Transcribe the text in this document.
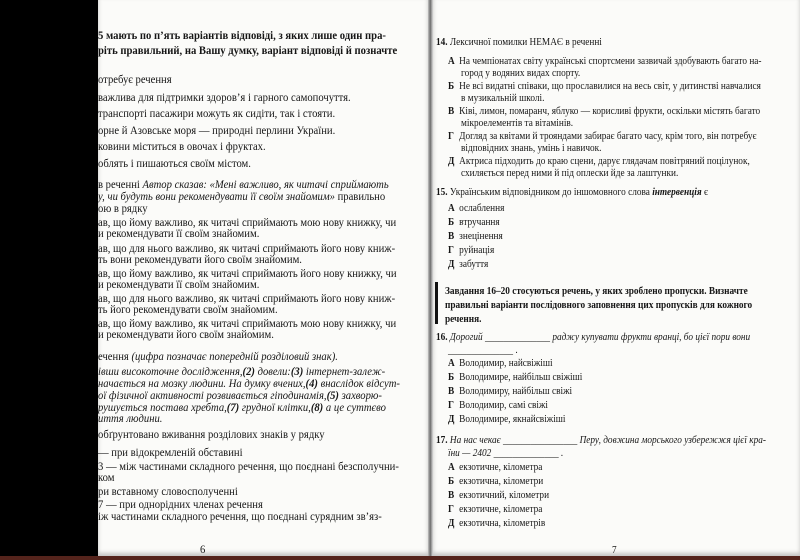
5 мають по п’ять варіантів відповіді, з яких лише один пра-
ріть правильний, на Вашу думку, варіант відповіді й позначте
отребує речення
важлива для підтримки здоров’я і гарного самопочуття.
транспорті пасажири можуть як сидіти, так і стояти.
орне й Азовське моря — природні перлини України.
ковини міститься в овочах і фруктах.
облять і пишаються своїм містом.
в реченні Автор сказав: «Мені важливо, як читачі сприймають
у, чи будуть вони рекомендувати її своїм знайомим» правильно
ою в рядку
ав, що йому важливо, як читачі сприймають мою нову книжку, чи
и рекомендувати її своїм знайомим.
ав, що для нього важливо, як читачі сприймають його нову книж-
ть вони рекомендувати його своїм знайомим.
ав, що йому важливо, як читачі сприймають його нову книжку, чи
и рекомендувати її своїм знайомим.
ав, що для нього важливо, як читачі сприймають його нову книж-
ть його рекомендувати своїм знайомим.
ав, що йому важливо, як читачі сприймають мою нову книжку, чи
и рекомендувати його своїм знайомим.
ечення (цифра позначає попередній розділовий знак).
івши високоточне дослідження,(2) довели:(3) інтернет-залеж-
начається на мозку людини. На думку вчених,(4) внаслідок відсут-
ої фізичної активності розвивається гіподинамія,(5) захворю-
рушується постава хребта,(7) грудної клітки,(8) а це суттєво
иття людини.
обґрунтовано вживання розділових знаків у рядку
— при відокремленій обставині
3 — між частинами складного речення, що поєднані безсполучни-
ком
ри вставному словосполученні
7 — при однорідних членах речення
іж частинами складного речення, що поєднані сурядним зв’яз-
6
14. Лексичної помилки НЕМАЄ в реченні
А На чемпіонатах світу українські спортсмени зазвичай здобувають багато на-
город у водяних видах спорту.
Б Не всі видатні співаки, що прославилися на весь світ, у дитинстві навчалися
в музикальній школі.
В Ківі, лимон, помаранч, яблуко — корисливі фрукти, оскільки містять багато
мікроелементів та вітамінів.
Г Догляд за квітами й трояндами забирає багато часу, крім того, він потребує
відповідних знань, умінь і навичок.
Д Актриса підходить до краю сцени, дарує глядачам повітряний поцілунок,
схиляється перед ними й під оплески йде за лаштунки.
15. Українським відповідником до іншомовного слова інтервенція є
А ослаблення
Б втручання
В знецінення
Г руйнація
Д забуття
Завдання 16–20 стосуються речень, у яких зроблено пропуски. Визначте
правильні варіанти послідовного заповнення цих пропусків для кожного
речення.
16. Дорогий ______________ раджу купувати фрукти вранці, бо цієї пори вони
______________ .
А Володимир, найсвіжіші
Б Володимире, найбільш свіжіші
В Володимиру, найбільш свіжі
Г Володимир, самі свіжі
Д Володимире, якнайсвіжіші
17. На нас чекає ________________ Перу, довжина морського узбережжя цієї кра-
їни — 2402 ______________ .
А екзотичне, кілометра
Б екзотична, кілометри
В екзотичний, кілометри
Г екзотичне, кілометра
Д екзотична, кілометрів
7
